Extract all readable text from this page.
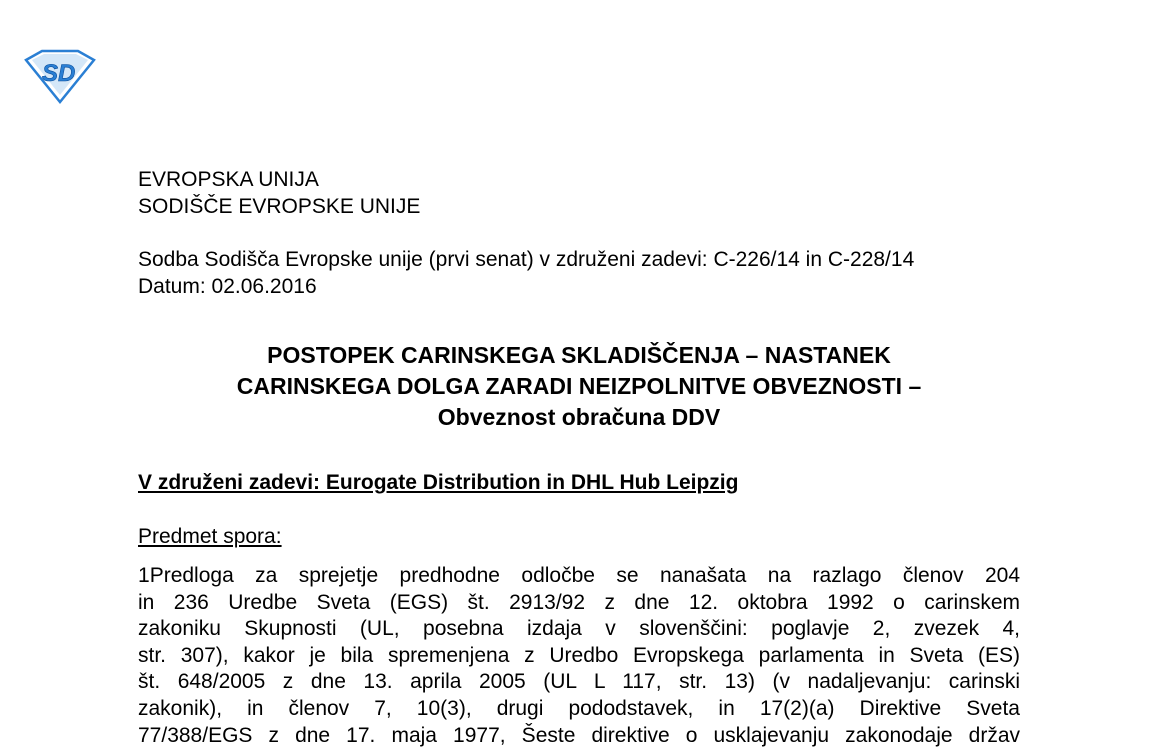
S D
EVROPSKA UNIJA
SODIŠČE EVROPSKE UNIJE
Sodba Sodišča Evropske unije (prvi senat) v združeni zadevi: C-226/14 in C-228/14
Datum: 02.06.2016
POSTOPEK CARINSKEGA SKLADIŠČENJA – NASTANEK
CARINSKEGA DOLGA ZARADI NEIZPOLNITVE OBVEZNOSTI –
Obveznost obračuna DDV
V združeni zadevi: Eurogate Distribution in DHL Hub Leipzig
Predmet spora:
1Predloga za sprejetje predhodne odločbe se nanašata na razlago členov 204
in 236 Uredbe Sveta (EGS) št. 2913/92 z dne 12. oktobra 1992 o carinskem
zakoniku Skupnosti (UL, posebna izdaja v slovenščini: poglavje 2, zvezek 4,
str. 307), kakor je bila spremenjena z Uredbo Evropskega parlamenta in Sveta (ES)
št. 648/2005 z dne 13. aprila 2005 (UL L 117, str. 13) (v nadaljevanju: carinski
zakonik), in členov 7, 10(3), drugi pododstavek, in 17(2)(a) Direktive Sveta
77/388/EGS z dne 17. maja 1977, Šeste direktive o usklajevanju zakonodaje držav
